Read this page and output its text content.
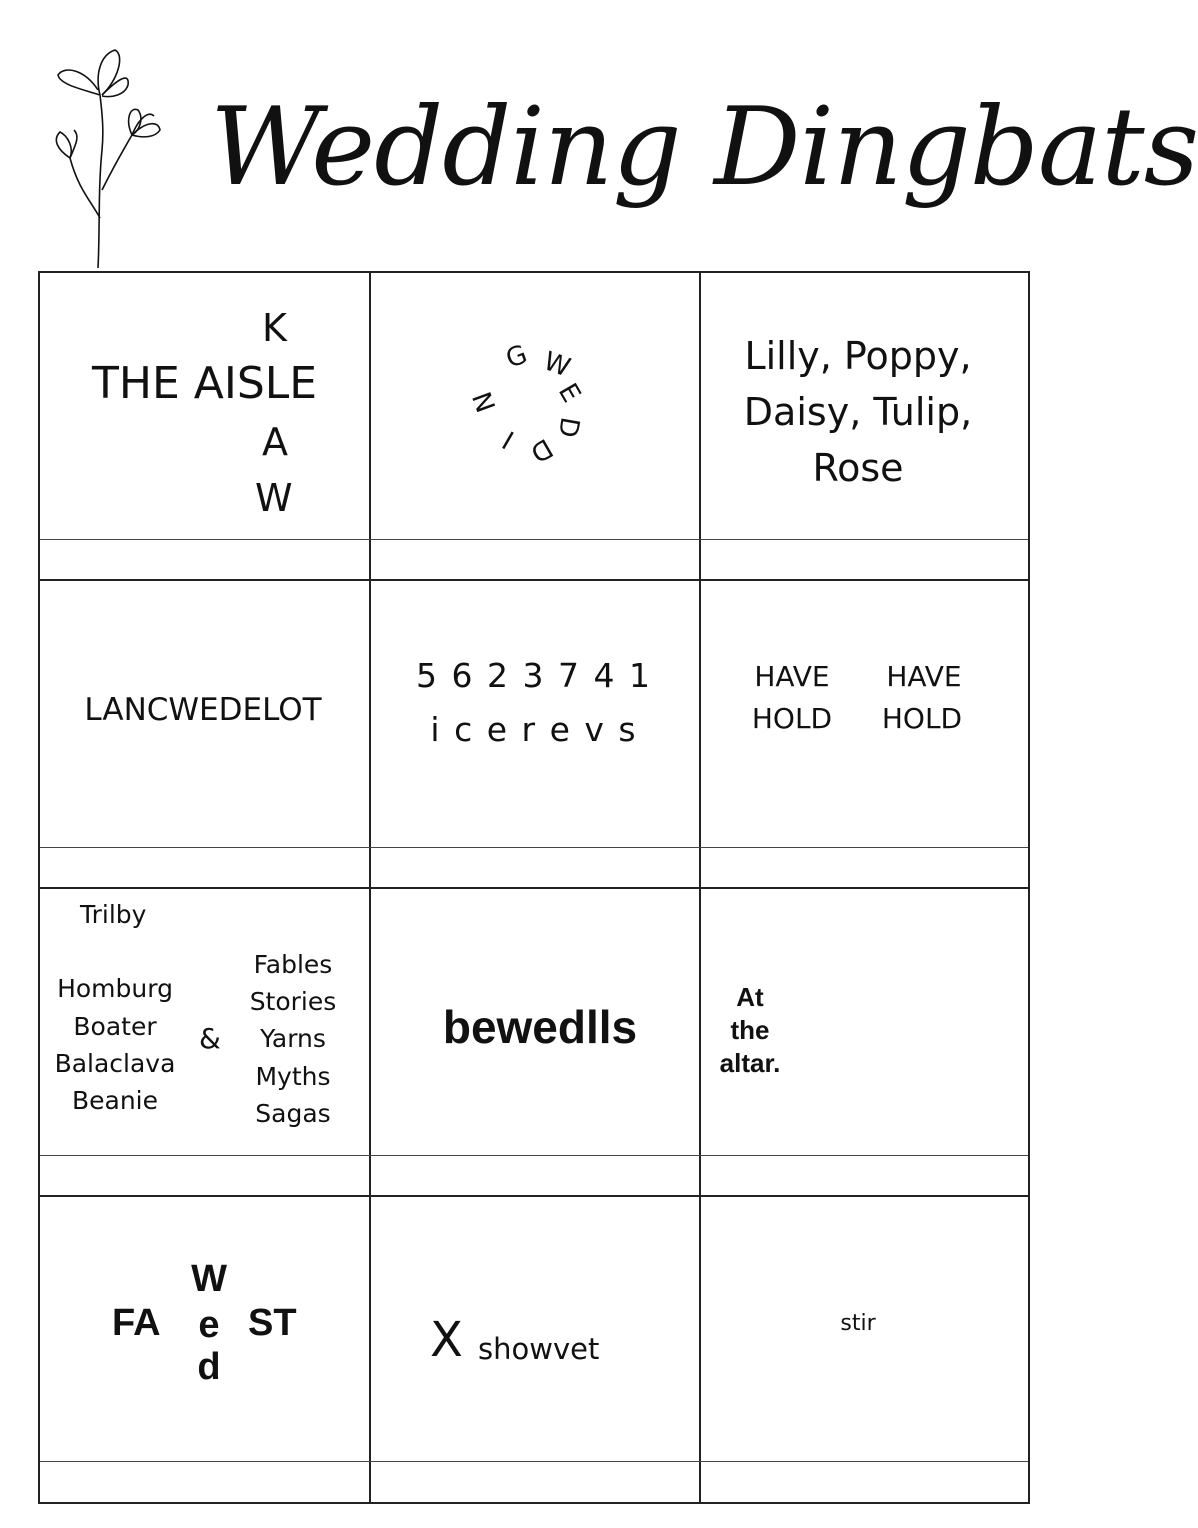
Wedding Dingbats
K
THE AISLE
A
W
W
E
D
D
I
N
G	Lilly, Poppy,
Daisy, Tulip,
Rose
LANCWEDELOT
5 6 2 3 7 4 1
i c e r e v s
HAVE
HOLD
HAVE
HOLD
Trilby
Homburg
Boater
Balaclava
Beanie
&
Fables
Stories
Yarns
Myths
Sagas
bewedlls
At
the
altar.
FA ST
W
e
d	X showvet
stir
